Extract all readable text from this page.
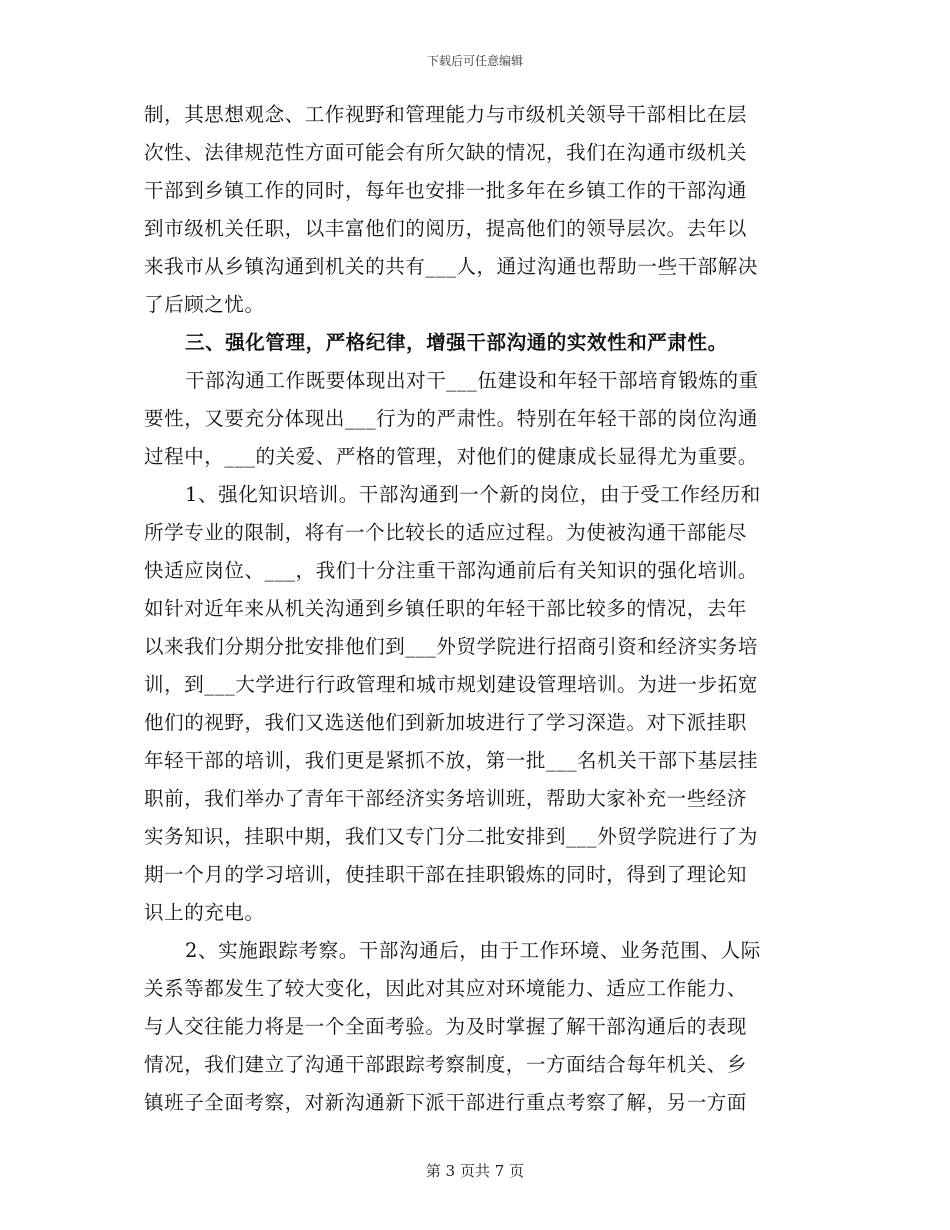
下载后可任意编辑
制，其思想观念、工作视野和管理能力与市级机关领导干部相比在层
次性、法律规范性方面可能会有所欠缺的情况，我们在沟通市级机关
干部到乡镇工作的同时，每年也安排一批多年在乡镇工作的干部沟通
到市级机关任职，以丰富他们的阅历，提高他们的领导层次。去年以
来我市从乡镇沟通到机关的共有___人，通过沟通也帮助一些干部解决
了后顾之忧。
三、强化管理，严格纪律，增强干部沟通的实效性和严肃性。
干部沟通工作既要体现出对干___伍建设和年轻干部培育锻炼的重
要性，又要充分体现出___行为的严肃性。特别在年轻干部的岗位沟通
过程中，___的关爱、严格的管理，对他们的健康成长显得尤为重要。
1、强化知识培训。干部沟通到一个新的岗位，由于受工作经历和
所学专业的限制，将有一个比较长的适应过程。为使被沟通干部能尽
快适应岗位、___，我们十分注重干部沟通前后有关知识的强化培训。
如针对近年来从机关沟通到乡镇任职的年轻干部比较多的情况，去年
以来我们分期分批安排他们到___外贸学院进行招商引资和经济实务培
训，到___大学进行行政管理和城市规划建设管理培训。为进一步拓宽
他们的视野，我们又选送他们到新加坡进行了学习深造。对下派挂职
年轻干部的培训，我们更是紧抓不放，第一批___名机关干部下基层挂
职前，我们举办了青年干部经济实务培训班，帮助大家补充一些经济
实务知识，挂职中期，我们又专门分二批安排到___外贸学院进行了为
期一个月的学习培训，使挂职干部在挂职锻炼的同时，得到了理论知
识上的充电。
2、实施跟踪考察。干部沟通后，由于工作环境、业务范围、人际
关系等都发生了较大变化，因此对其应对环境能力、适应工作能力、
与人交往能力将是一个全面考验。为及时掌握了解干部沟通后的表现
情况，我们建立了沟通干部跟踪考察制度，一方面结合每年机关、乡
镇班子全面考察，对新沟通新下派干部进行重点考察了解，另一方面
第 3 页共 7 页
